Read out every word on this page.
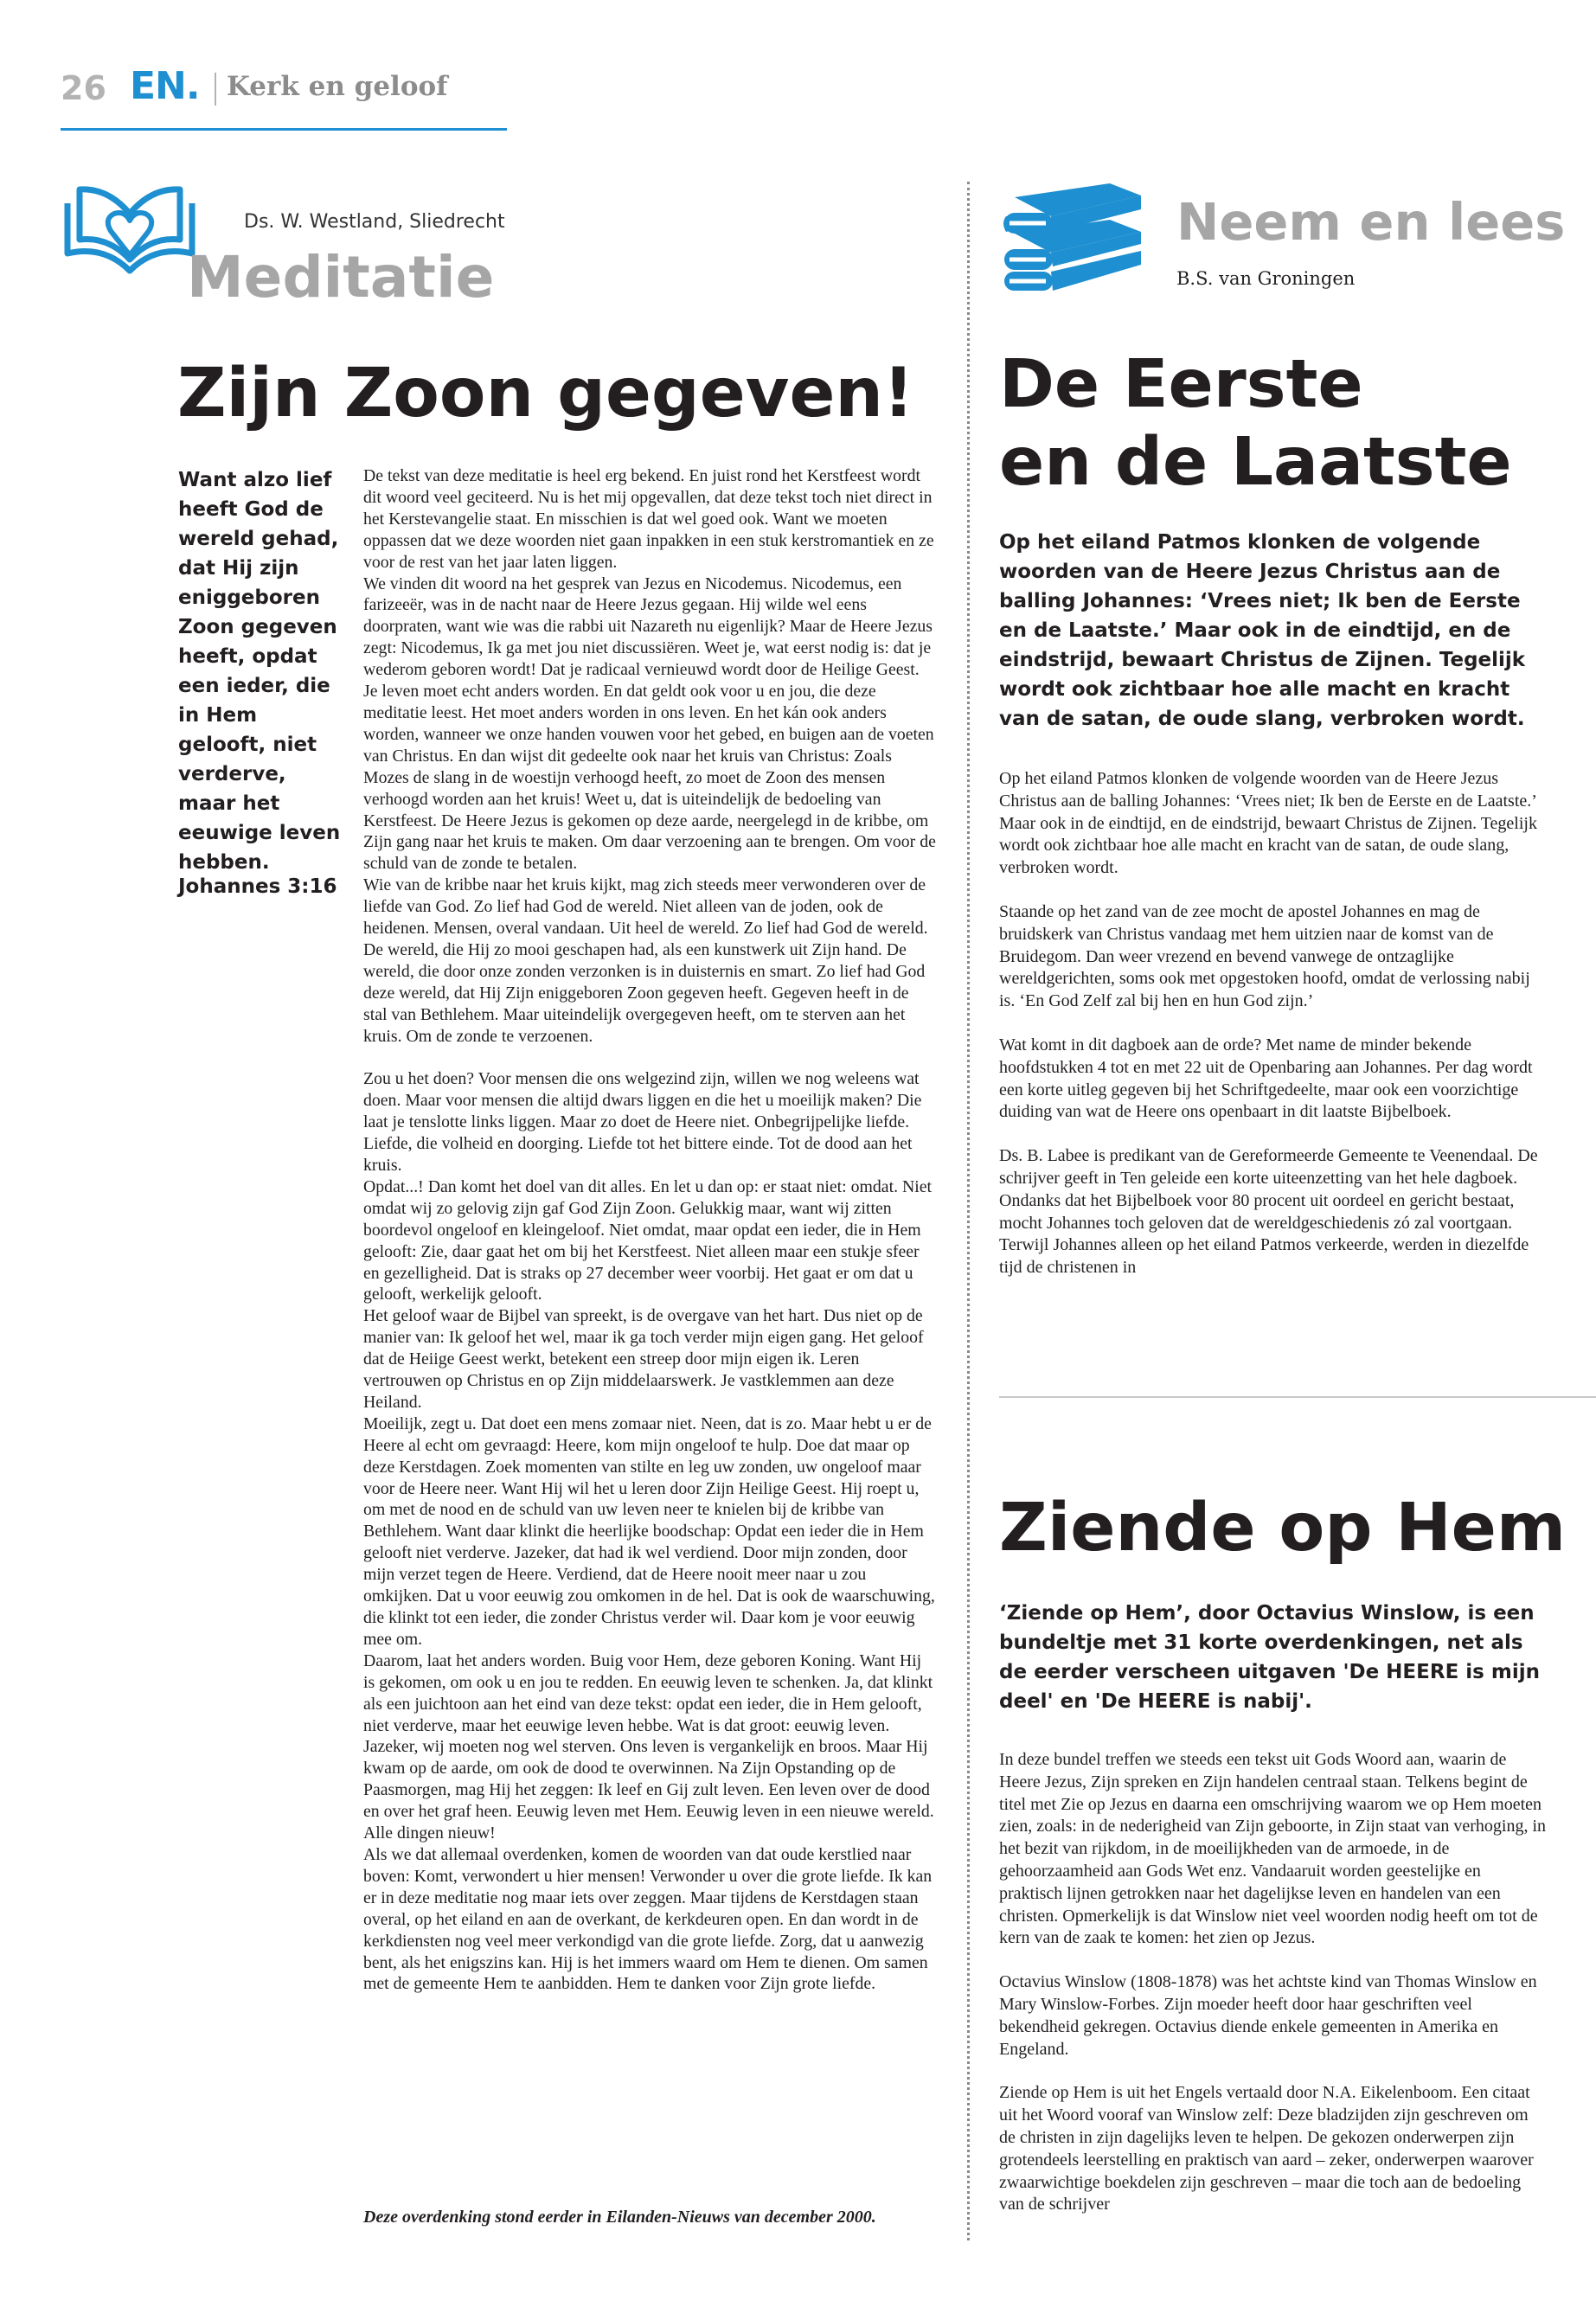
26 EN. Kerk en geloof
Ds. W. Westland, Sliedrecht
Meditatie
Zijn Zoon gegeven!
Want alzo lief heeft God de wereld gehad, dat Hij zijn eniggeboren Zoon gegeven heeft, opdat een ieder, die in Hem gelooft, niet verderve, maar het eeuwige leven hebben.
Johannes 3:16

De tekst van deze meditatie is heel erg bekend. En juist rond het Kerstfeest wordt dit woord veel geciteerd. Nu is het mij opgevallen, dat deze tekst toch niet direct in het Kerstevangelie staat. En misschien is dat wel goed ook. Want we moeten oppassen dat we deze woorden niet gaan inpakken in een stuk kerstromantiek en ze voor de rest van het jaar laten liggen.

We vinden dit woord na het gesprek van Jezus en Nicodemus. Nicodemus, een farizeeër, was in de nacht naar de Heere Jezus gegaan. Hij wilde wel eens doorpraten, want wie was die rabbi uit Nazareth nu eigenlijk? Maar de Heere Jezus zegt: Nicodemus, Ik ga met jou niet discussiëren. Weet je, wat eerst nodig is: dat je wederom geboren wordt! Dat je radicaal vernieuwd wordt door de Heilige Geest. Je leven moet echt anders worden. En dat geldt ook voor u en jou, die deze meditatie leest. Het moet anders worden in ons leven. En het kán ook anders worden, wanneer we onze handen vouwen voor het gebed, en buigen aan de voeten van Christus. En dan wijst dit gedeelte ook naar het kruis van Christus: Zoals Mozes de slang in de woestijn verhoogd heeft, zo moet de Zoon des mensen verhoogd worden aan het kruis! Weet u, dat is uiteindelijk de bedoeling van Kerstfeest. De Heere Jezus is gekomen op deze aarde, neergelegd in de kribbe, om Zijn gang naar het kruis te maken. Om daar verzoening aan te brengen. Om voor de schuld van de zonde te betalen.

Wie van de kribbe naar het kruis kijkt, mag zich steeds meer verwonderen over de liefde van God. Zo lief had God de wereld. Niet alleen van de joden, ook de heidenen. Mensen, overal vandaan. Uit heel de wereld. Zo lief had God de wereld. De wereld, die Hij zo mooi geschapen had, als een kunstwerk uit Zijn hand. De wereld, die door onze zonden verzonken is in duisternis en smart. Zo lief had God deze wereld, dat Hij Zijn eniggeboren Zoon gegeven heeft. Gegeven heeft in de stal van Bethlehem. Maar uiteindelijk overgegeven heeft, om te sterven aan het kruis. Om de zonde te verzoenen.

Zou u het doen? Voor mensen die ons welgezind zijn, willen we nog weleens wat doen. Maar voor mensen die altijd dwars liggen en die het u moeilijk maken? Die laat je tenslotte links liggen. Maar zo doet de Heere niet. Onbegrijpelijke liefde. Liefde, die volheid en doorging. Liefde tot het bittere einde. Tot de dood aan het kruis.

Opdat...! Dan komt het doel van dit alles. En let u dan op: er staat niet: omdat. Niet omdat wij zo gelovig zijn gaf God Zijn Zoon. Gelukkig maar, want wij zitten boordevol ongeloof en kleingeloof. Niet omdat, maar opdat een ieder, die in Hem gelooft: Zie, daar gaat het om bij het Kerstfeest. Niet alleen maar een stukje sfeer en gezelligheid. Dat is straks op 27 december weer voorbij. Het gaat er om dat u gelooft, werkelijk gelooft.

Het geloof waar de Bijbel van spreekt, is de overgave van het hart. Dus niet op de manier van: Ik geloof het wel, maar ik ga toch verder mijn eigen gang. Het geloof dat de Heiige Geest werkt, betekent een streep door mijn eigen ik. Leren vertrouwen op Christus en op Zijn middelaarswerk. Je vastklemmen aan deze Heiland.

Moeilijk, zegt u. Dat doet een mens zomaar niet. Neen, dat is zo. Maar hebt u er de Heere al echt om gevraagd: Heere, kom mijn ongeloof te hulp. Doe dat maar op deze Kerstdagen. Zoek momenten van stilte en leg uw zonden, uw ongeloof maar voor de Heere neer. Want Hij wil het u leren door Zijn Heilige Geest. Hij roept u, om met de nood en de schuld van uw leven neer te knielen bij de kribbe van Bethlehem. Want daar klinkt die heerlijke boodschap: Opdat een ieder die in Hem gelooft niet verderve. Jazeker, dat had ik wel verdiend. Door mijn zonden, door mijn verzet tegen de Heere. Verdiend, dat de Heere nooit meer naar u zou omkijken. Dat u voor eeuwig zou omkomen in de hel. Dat is ook de waarschuwing, die klinkt tot een ieder, die zonder Christus verder wil. Daar kom je voor eeuwig mee om.

Daarom, laat het anders worden. Buig voor Hem, deze geboren Koning. Want Hij is gekomen, om ook u en jou te redden. En eeuwig leven te schenken. Ja, dat klinkt als een juichtoon aan het eind van deze tekst: opdat een ieder, die in Hem gelooft, niet verderve, maar het eeuwige leven hebbe. Wat is dat groot: eeuwig leven. Jazeker, wij moeten nog wel sterven. Ons leven is vergankelijk en broos. Maar Hij kwam op de aarde, om ook de dood te overwinnen. Na Zijn Opstanding op de Paasmorgen, mag Hij het zeggen: Ik leef en Gij zult leven. Een leven over de dood en over het graf heen. Eeuwig leven met Hem. Eeuwig leven in een nieuwe wereld. Alle dingen nieuw!

Als we dat allemaal overdenken, komen de woorden van dat oude kerstlied naar boven: Komt, verwondert u hier mensen! Verwonder u over die grote liefde. Ik kan er in deze meditatie nog maar iets over zeggen. Maar tijdens de Kerstdagen staan overal, op het eiland en aan de overkant, de kerkdeuren open. En dan wordt in de kerkdiensten nog veel meer verkondigd van die grote liefde. Zorg, dat u aanwezig bent, als het enigszins kan. Hij is het immers waard om Hem te dienen. Om samen met de gemeente Hem te aanbidden. Hem te danken voor Zijn grote liefde.

Deze overdenking stond eerder in Eilanden-Nieuws van december 2000.
Neem en lees
B.S. van Groningen
De Eerste
en de Laatste
Op het eiland Patmos klonken de volgende woorden van de Heere Jezus Christus aan de balling Johannes: ‘Vrees niet; Ik ben de Eerste en de Laatste.’ Maar ook in de eindtijd, en de eindstrijd, bewaart Christus de Zijnen. Tegelijk wordt ook zichtbaar hoe alle macht en kracht van de satan, de oude slang, verbroken wordt.

Op het eiland Patmos klonken de volgende woorden van de Heere Jezus Christus aan de balling Johannes: ‘Vrees niet; Ik ben de Eerste en de Laatste.’ Maar ook in de eindtijd, en de eindstrijd, bewaart Christus de Zijnen. Tegelijk wordt ook zichtbaar hoe alle macht en kracht van de satan, de oude slang, verbroken wordt.

Staande op het zand van de zee mocht de apostel Johannes en mag de bruidskerk van Christus vandaag met hem uitzien naar de komst van de Bruidegom. Dan weer vrezend en bevend vanwege de ontzaglijke wereldgerichten, soms ook met opgestoken hoofd, omdat de verlossing nabij is. ‘En God Zelf zal bij hen en hun God zijn.’

Wat komt in dit dagboek aan de orde? Met name de minder bekende hoofdstukken 4 tot en met 22 uit de Openbaring aan Johannes. Per dag wordt een korte uitleg gegeven bij het Schriftgedeelte, maar ook een voorzichtige duiding van wat de Heere ons openbaart in dit laatste Bijbelboek.

Ds. B. Labee is predikant van de Gereformeerde Gemeente te Veenendaal. De schrijver geeft in Ten geleide een korte uiteenzetting van het hele dagboek. Ondanks dat het Bijbelboek voor 80 procent uit oordeel en gericht bestaat, mocht Johannes toch geloven dat de wereldgeschiedenis zó zal voortgaan. Terwijl Johannes alleen op het eiland Patmos verkeerde, werden in diezelfde tijd de christenen in

Ziende op Hem
‘Ziende op Hem’, door Octavius Winslow, is een bundeltje met 31 korte overdenkingen, net als de eerder verscheen uitgaven 'De HEERE is mijn deel' en 'De HEERE is nabij'.

In deze bundel treffen we steeds een tekst uit Gods Woord aan, waarin de Heere Jezus, Zijn spreken en Zijn handelen centraal staan. Telkens begint de titel met Zie op Jezus en daarna een omschrijving waarom we op Hem moeten zien, zoals: in de nederigheid van Zijn geboorte, in Zijn staat van verhoging, in het bezit van rijkdom, in de moeilijkheden van de armoede, in de gehoorzaamheid aan Gods Wet enz. Vandaaruit worden geestelijke en praktisch lijnen getrokken naar het dagelijkse leven en handelen van een christen. Opmerkelijk is dat Winslow niet veel woorden nodig heeft om tot de kern van de zaak te komen: het zien op Jezus.

Octavius Winslow (1808-1878) was het achtste kind van Thomas Winslow en Mary Winslow-Forbes. Zijn moeder heeft door haar geschriften veel bekendheid gekregen. Octavius diende enkele gemeenten in Amerika en Engeland.

Ziende op Hem is uit het Engels vertaald door N.A. Eikelenboom. Een citaat uit het Woord vooraf van Winslow zelf: Deze bladzijden zijn geschreven om de christen in zijn dagelijks leven te helpen. De gekozen onderwerpen zijn grotendeels leerstelling en praktisch van aard – zeker, onderwerpen waarover zwaarwichtige boekdelen zijn geschreven – maar die toch aan de bedoeling van de schrijver
